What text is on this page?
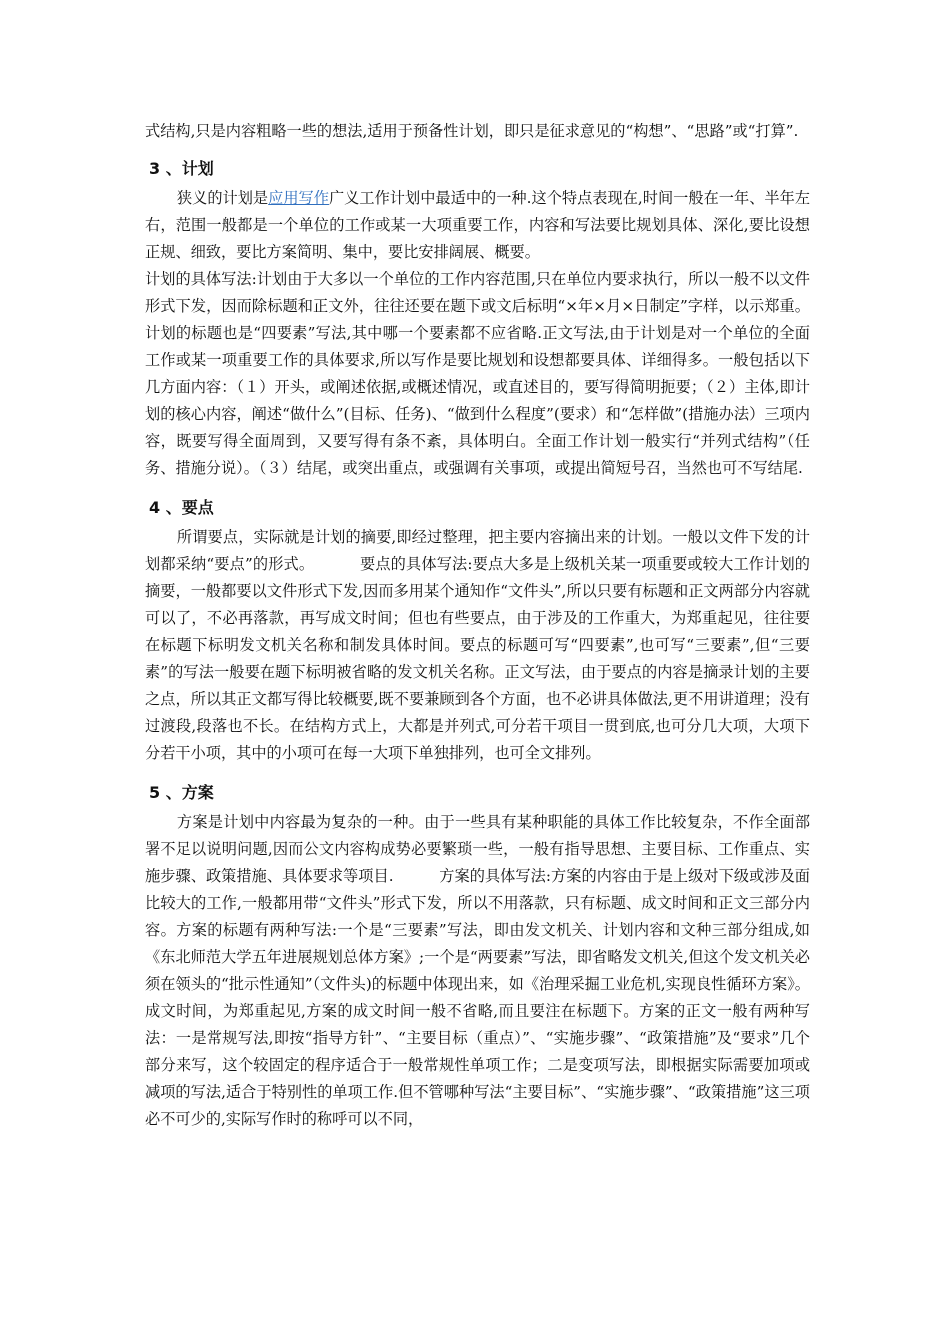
式结构,只是内容粗略一些的想法,适用于预备性计划，即只是征求意见的“构想”、“思路”或“打算”.

3 、计划

狭义的计划是应用写作广义工作计划中最适中的一种.这个特点表现在,时间一般在一年、半年左右，范围一般都是一个单位的工作或某一大项重要工作，内容和写法要比规划具体、深化,要比设想正规、细致，要比方案简明、集中，要比安排阔展、概要。

计划的具体写法:计划由于大多以一个单位的工作内容范围,只在单位内要求执行，所以一般不以文件形式下发，因而除标题和正文外，往往还要在题下或文后标明“×年×月×日制定”字样，以示郑重。计划的标题也是“四要素”写法,其中哪一个要素都不应省略.正文写法,由于计划是对一个单位的全面工作或某一项重要工作的具体要求,所以写作是要比规划和设想都要具体、详细得多。一般包括以下几方面内容：（１）开头，或阐述依据,或概述情况，或直述目的，要写得简明扼要；（２）主体,即计划的核心内容，阐述“做什么”(目标、任务)、“做到什么程度”(要求）和“怎样做”(措施办法）三项内容，既要写得全面周到，又要写得有条不紊，具体明白。全面工作计划一般实行“并列式结构”（任务、措施分说）。（３）结尾，或突出重点，或强调有关事项，或提出简短号召，当然也可不写结尾.

4 、要点

所谓要点，实际就是计划的摘要,即经过整理，把主要内容摘出来的计划。一般以文件下发的计划都采纳“要点”的形式。	要点的具体写法:要点大多是上级机关某一项重要或较大工作计划的摘要，一般都要以文件形式下发,因而多用某个通知作“文件头”,所以只要有标题和正文两部分内容就可以了，不必再落款，再写成文时间；但也有些要点，由于涉及的工作重大，为郑重起见，往往要在标题下标明发文机关名称和制发具体时间。要点的标题可写“四要素”,也可写“三要素”,但“三要素”的写法一般要在题下标明被省略的发文机关名称。正文写法，由于要点的内容是摘录计划的主要之点，所以其正文都写得比较概要,既不要兼顾到各个方面，也不必讲具体做法,更不用讲道理；没有过渡段,段落也不长。在结构方式上，大都是并列式,可分若干项目一贯到底,也可分几大项，大项下分若干小项，其中的小项可在每一大项下单独排列，也可全文排列。

5 、方案

方案是计划中内容最为复杂的一种。由于一些具有某种职能的具体工作比较复杂，不作全面部署不足以说明问题,因而公文内容构成势必要繁琐一些，一般有指导思想、主要目标、工作重点、实施步骤、政策措施、具体要求等项目.	方案的具体写法:方案的内容由于是上级对下级或涉及面比较大的工作,一般都用带“文件头”形式下发，所以不用落款，只有标题、成文时间和正文三部分内容。方案的标题有两种写法:一个是“三要素”写法，即由发文机关、计划内容和文种三部分组成,如《东北师范大学五年进展规划总体方案》;一个是“两要素”写法，即省略发文机关,但这个发文机关必须在领头的“批示性通知”（文件头)的标题中体现出来，如《治理采掘工业危机,实现良性循环方案》。成文时间，为郑重起见,方案的成文时间一般不省略,而且要注在标题下。方案的正文一般有两种写法：一是常规写法,即按“指导方针”、“主要目标（重点）”、“实施步骤”、“政策措施”及“要求”几个部分来写，这个较固定的程序适合于一般常规性单项工作；二是变项写法，即根据实际需要加项或减项的写法,适合于特别性的单项工作.但不管哪种写法“主要目标”、“实施步骤”、“政策措施”这三项必不可少的,实际写作时的称呼可以不同，
